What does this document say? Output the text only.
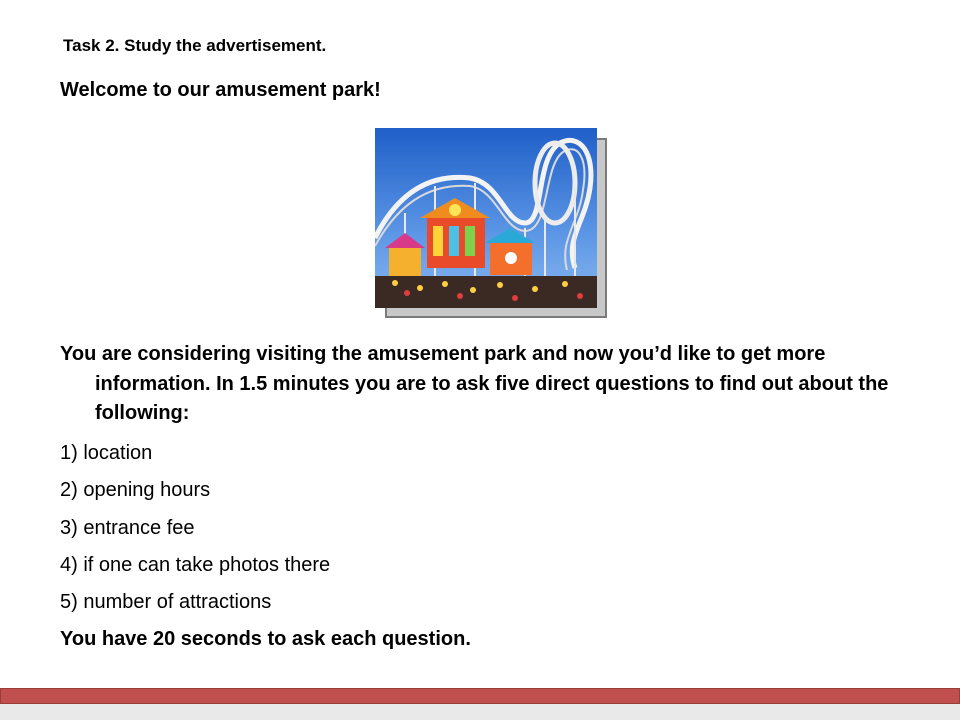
Task 2. Study the advertisement.
Welcome to our amusement park!
You are considering visiting the amusement park and now you’d like to get more information. In 1.5 minutes you are to ask five direct questions to find out about the following:
1) location
2) opening hours
3) entrance fee
4) if one can take photos there
5) number of attractions
You have 20 seconds to ask each question.
